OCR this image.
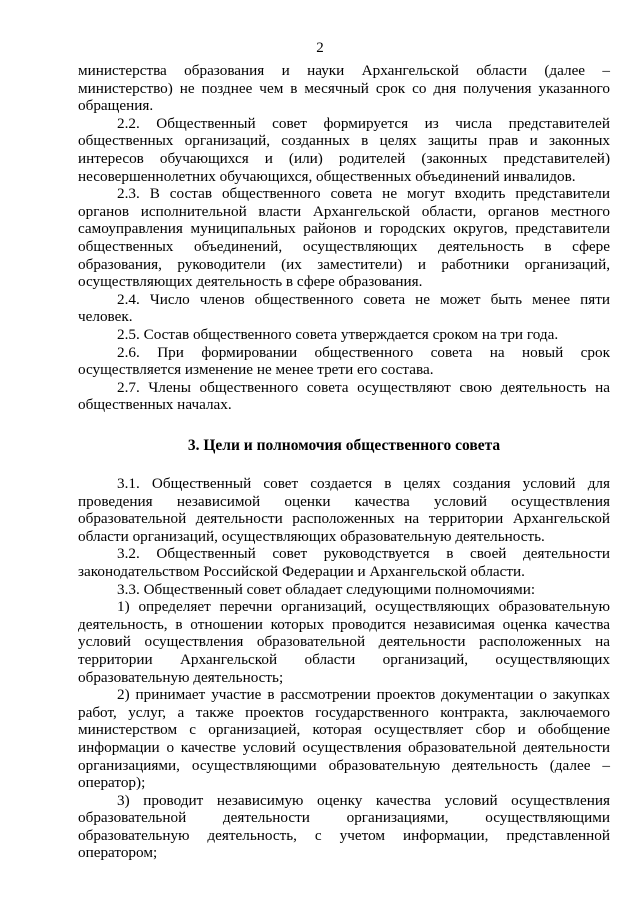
2
министерства образования и науки Архангельской области (далее – министерство) не позднее чем в месячный срок со дня получения указанного обращения.
2.2. Общественный совет формируется из числа представителей общественных организаций, созданных в целях защиты прав и законных интересов обучающихся и (или) родителей (законных представителей) несовершеннолетних обучающихся, общественных объединений инвалидов.
2.3. В состав общественного совета не могут входить представители органов исполнительной власти Архангельской области, органов местного самоуправления муниципальных районов и городских округов, представители общественных объединений, осуществляющих деятельность в сфере образования, руководители (их заместители) и работники организаций, осуществляющих деятельность в сфере образования.
2.4. Число членов общественного совета не может быть менее пяти человек.
2.5. Состав общественного совета утверждается сроком на три года.
2.6. При формировании общественного совета на новый срок осуществляется изменение не менее трети его состава.
2.7. Члены общественного совета осуществляют свою деятельность на общественных началах.
3. Цели и полномочия общественного совета
3.1. Общественный совет создается в целях создания условий для проведения независимой оценки качества условий осуществления образовательной деятельности расположенных на территории Архангельской области организаций, осуществляющих образовательную деятельность.
3.2. Общественный совет руководствуется в своей деятельности законодательством Российской Федерации и Архангельской области.
3.3. Общественный совет обладает следующими полномочиями:
1) определяет перечни организаций, осуществляющих образовательную деятельность, в отношении которых проводится независимая оценка качества условий осуществления образовательной деятельности расположенных на территории Архангельской области организаций, осуществляющих образовательную деятельность;
2) принимает участие в рассмотрении проектов документации о закупках работ, услуг, а также проектов государственного контракта, заключаемого министерством с организацией, которая осуществляет сбор и обобщение информации о качестве условий осуществления образовательной деятельности организациями, осуществляющими образовательную деятельность (далее – оператор);
3) проводит независимую оценку качества условий осуществления образовательной деятельности организациями, осуществляющими образовательную деятельность, с учетом информации, представленной оператором;
